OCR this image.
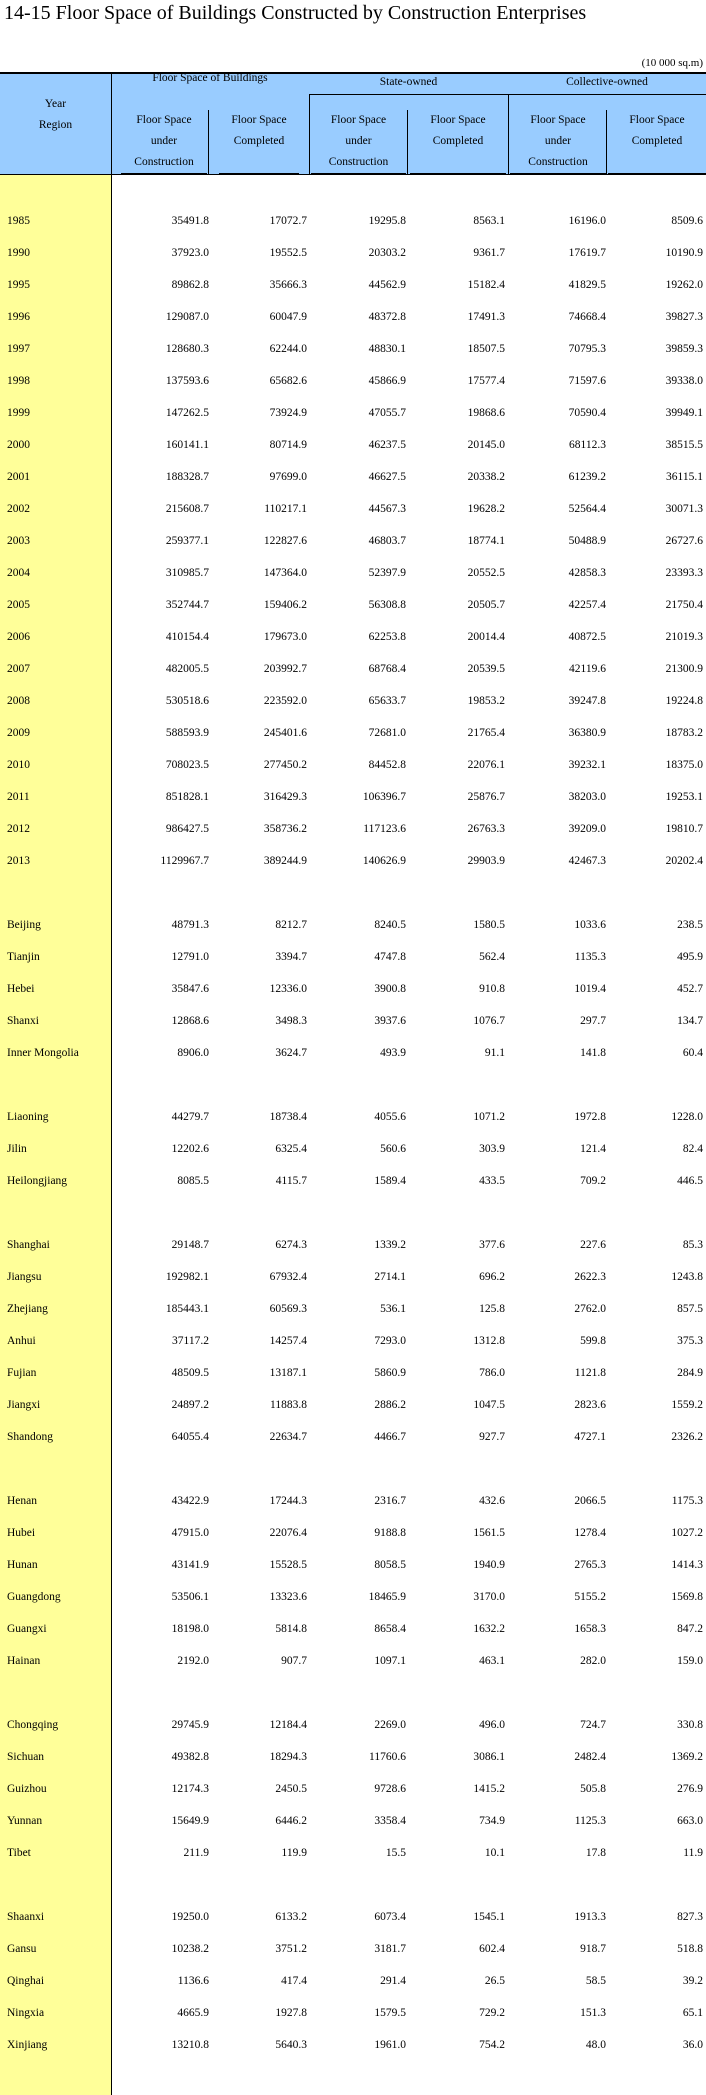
14-15 Floor Space of Buildings Constructed by Construction Enterprises
(10 000 sq.m)
Year
Region
Floor Space of Buildings	State-owned	Collective-owned
Floor Space
under
Construction
Floor Space
Completed
Floor Space
under
Construction
Floor Space
Completed
Floor Space
under
Construction
Floor Space
Completed
1985	35491.8	17072.7	19295.8	8563.1	16196.0	8509.6
1990	37923.0	19552.5	20303.2	9361.7	17619.7	10190.9
1995	89862.8	35666.3	44562.9	15182.4	41829.5	19262.0
1996	129087.0	60047.9	48372.8	17491.3	74668.4	39827.3
1997	128680.3	62244.0	48830.1	18507.5	70795.3	39859.3
1998	137593.6	65682.6	45866.9	17577.4	71597.6	39338.0
1999	147262.5	73924.9	47055.7	19868.6	70590.4	39949.1
2000	160141.1	80714.9	46237.5	20145.0	68112.3	38515.5
2001	188328.7	97699.0	46627.5	20338.2	61239.2	36115.1
2002	215608.7	110217.1	44567.3	19628.2	52564.4	30071.3
2003	259377.1	122827.6	46803.7	18774.1	50488.9	26727.6
2004	310985.7	147364.0	52397.9	20552.5	42858.3	23393.3
2005	352744.7	159406.2	56308.8	20505.7	42257.4	21750.4
2006	410154.4	179673.0	62253.8	20014.4	40872.5	21019.3
2007	482005.5	203992.7	68768.4	20539.5	42119.6	21300.9
2008	530518.6	223592.0	65633.7	19853.2	39247.8	19224.8
2009	588593.9	245401.6	72681.0	21765.4	36380.9	18783.2
2010	708023.5	277450.2	84452.8	22076.1	39232.1	18375.0
2011	851828.1	316429.3	106396.7	25876.7	38203.0	19253.1
2012	986427.5	358736.2	117123.6	26763.3	39209.0	19810.7
2013	1129967.7	389244.9	140626.9	29903.9	42467.3	20202.4
Beijing	48791.3	8212.7	8240.5	1580.5	1033.6	238.5
Tianjin	12791.0	3394.7	4747.8	562.4	1135.3	495.9
Hebei	35847.6	12336.0	3900.8	910.8	1019.4	452.7
Shanxi	12868.6	3498.3	3937.6	1076.7	297.7	134.7
Inner Mongolia	8906.0	3624.7	493.9	91.1	141.8	60.4
Liaoning	44279.7	18738.4	4055.6	1071.2	1972.8	1228.0
Jilin	12202.6	6325.4	560.6	303.9	121.4	82.4
Heilongjiang	8085.5	4115.7	1589.4	433.5	709.2	446.5
Shanghai	29148.7	6274.3	1339.2	377.6	227.6	85.3
Jiangsu	192982.1	67932.4	2714.1	696.2	2622.3	1243.8
Zhejiang	185443.1	60569.3	536.1	125.8	2762.0	857.5
Anhui	37117.2	14257.4	7293.0	1312.8	599.8	375.3
Fujian	48509.5	13187.1	5860.9	786.0	1121.8	284.9
Jiangxi	24897.2	11883.8	2886.2	1047.5	2823.6	1559.2
Shandong	64055.4	22634.7	4466.7	927.7	4727.1	2326.2
Henan	43422.9	17244.3	2316.7	432.6	2066.5	1175.3
Hubei	47915.0	22076.4	9188.8	1561.5	1278.4	1027.2
Hunan	43141.9	15528.5	8058.5	1940.9	2765.3	1414.3
Guangdong	53506.1	13323.6	18465.9	3170.0	5155.2	1569.8
Guangxi	18198.0	5814.8	8658.4	1632.2	1658.3	847.2
Hainan	2192.0	907.7	1097.1	463.1	282.0	159.0
Chongqing	29745.9	12184.4	2269.0	496.0	724.7	330.8
Sichuan	49382.8	18294.3	11760.6	3086.1	2482.4	1369.2
Guizhou	12174.3	2450.5	9728.6	1415.2	505.8	276.9
Yunnan	15649.9	6446.2	3358.4	734.9	1125.3	663.0
Tibet	211.9	119.9	15.5	10.1	17.8	11.9
Shaanxi	19250.0	6133.2	6073.4	1545.1	1913.3	827.3
Gansu	10238.2	3751.2	3181.7	602.4	918.7	518.8
Qinghai	1136.6	417.4	291.4	26.5	58.5	39.2
Ningxia	4665.9	1927.8	1579.5	729.2	151.3	65.1
Xinjiang	13210.8	5640.3	1961.0	754.2	48.0	36.0
